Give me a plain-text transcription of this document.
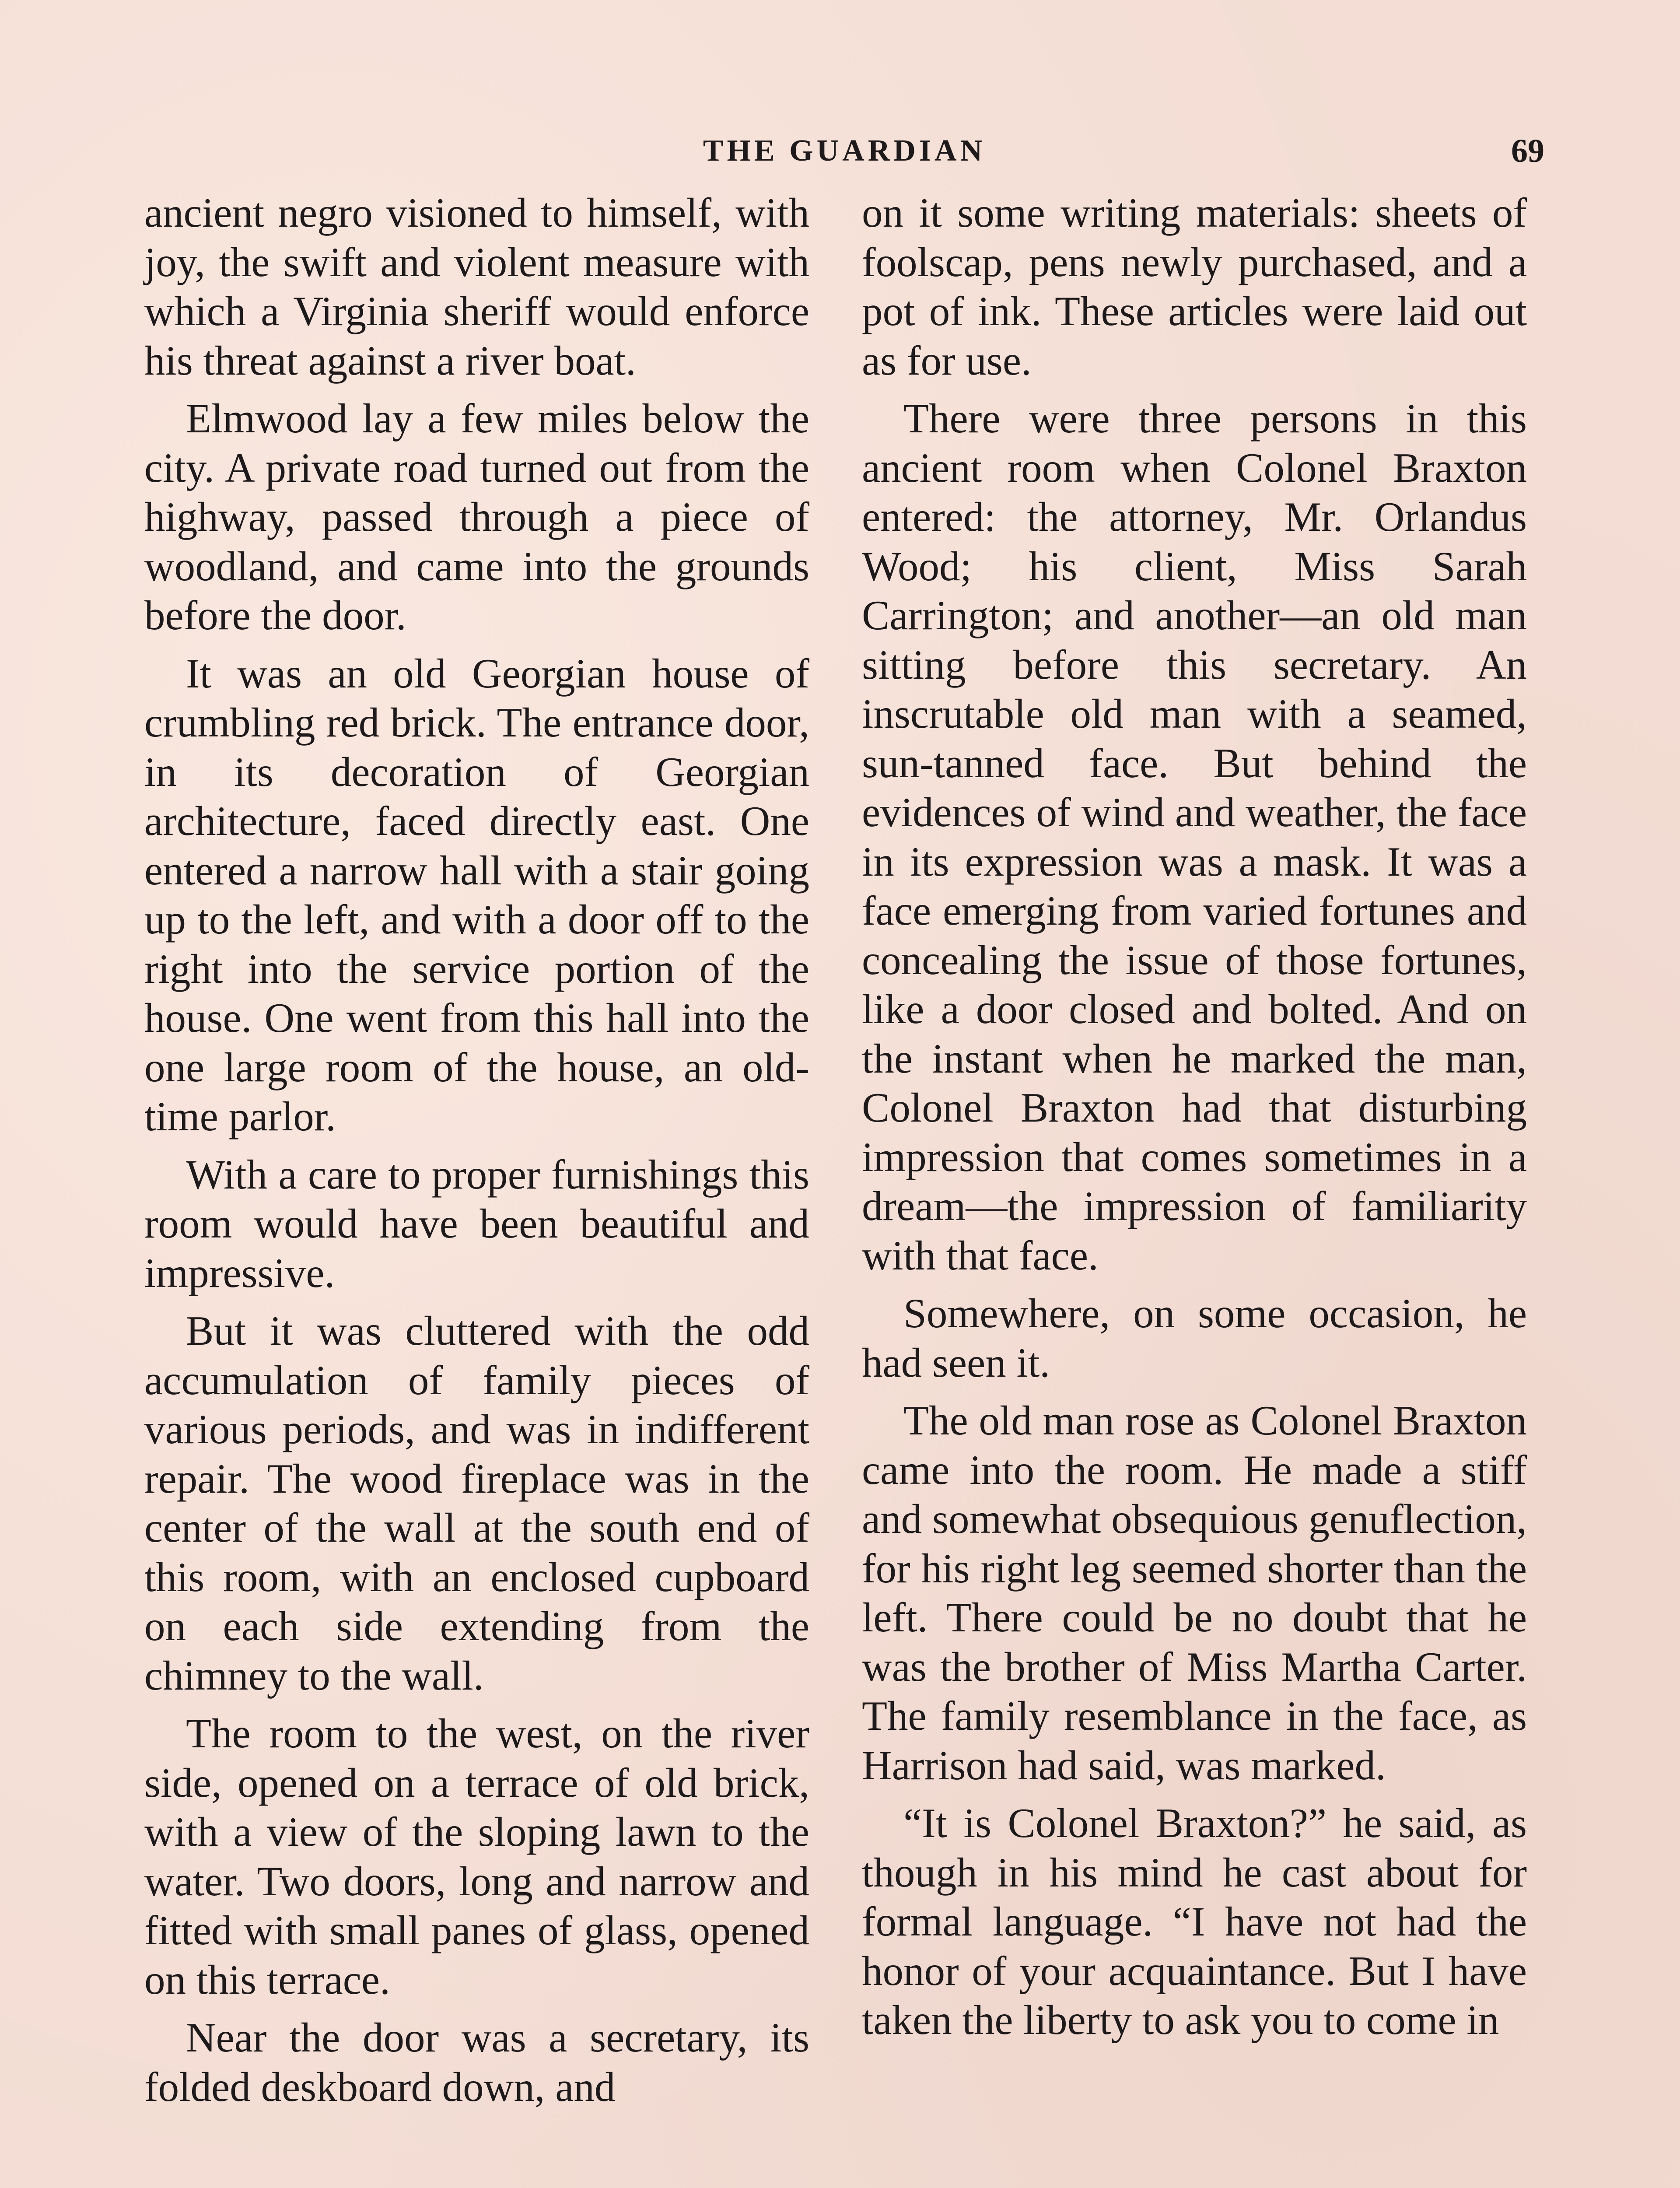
THE GUARDIAN	69

ancient negro visioned to himself, with joy, the swift and violent measure with which a Virginia sheriff would enforce his threat against a river boat.

Elmwood lay a few miles below the city. A private road turned out from the highway, passed through a piece of woodland, and came into the grounds before the door.

It was an old Georgian house of crumbling red brick. The entrance door, in its decoration of Georgian architecture, faced directly east. One entered a narrow hall with a stair going up to the left, and with a door off to the right into the service portion of the house. One went from this hall into the one large room of the house, an old-time parlor.

With a care to proper furnishings this room would have been beautiful and impressive.

But it was cluttered with the odd accumulation of family pieces of various periods, and was in indifferent repair. The wood fireplace was in the center of the wall at the south end of this room, with an enclosed cupboard on each side extending from the chimney to the wall.

The room to the west, on the river side, opened on a terrace of old brick, with a view of the sloping lawn to the water. Two doors, long and narrow and fitted with small panes of glass, opened on this terrace.

Near the door was a secretary, its folded deskboard down, and

on it some writing materials: sheets of foolscap, pens newly purchased, and a pot of ink. These articles were laid out as for use.

There were three persons in this ancient room when Colonel Braxton entered: the attorney, Mr. Orlandus Wood; his client, Miss Sarah Carrington; and another—an old man sitting before this secretary. An inscrutable old man with a seamed, sun-tanned face. But behind the evidences of wind and weather, the face in its expression was a mask. It was a face emerging from varied fortunes and concealing the issue of those fortunes, like a door closed and bolted. And on the instant when he marked the man, Colonel Braxton had that disturbing impression that comes sometimes in a dream—the impression of familiarity with that face.

Somewhere, on some occasion, he had seen it.

The old man rose as Colonel Braxton came into the room. He made a stiff and somewhat obsequious genuflection, for his right leg seemed shorter than the left. There could be no doubt that he was the brother of Miss Martha Carter. The family resemblance in the face, as Harrison had said, was marked.

“It is Colonel Braxton?” he said, as though in his mind he cast about for formal language. “I have not had the honor of your acquaintance. But I have taken the liberty to ask you to come in
